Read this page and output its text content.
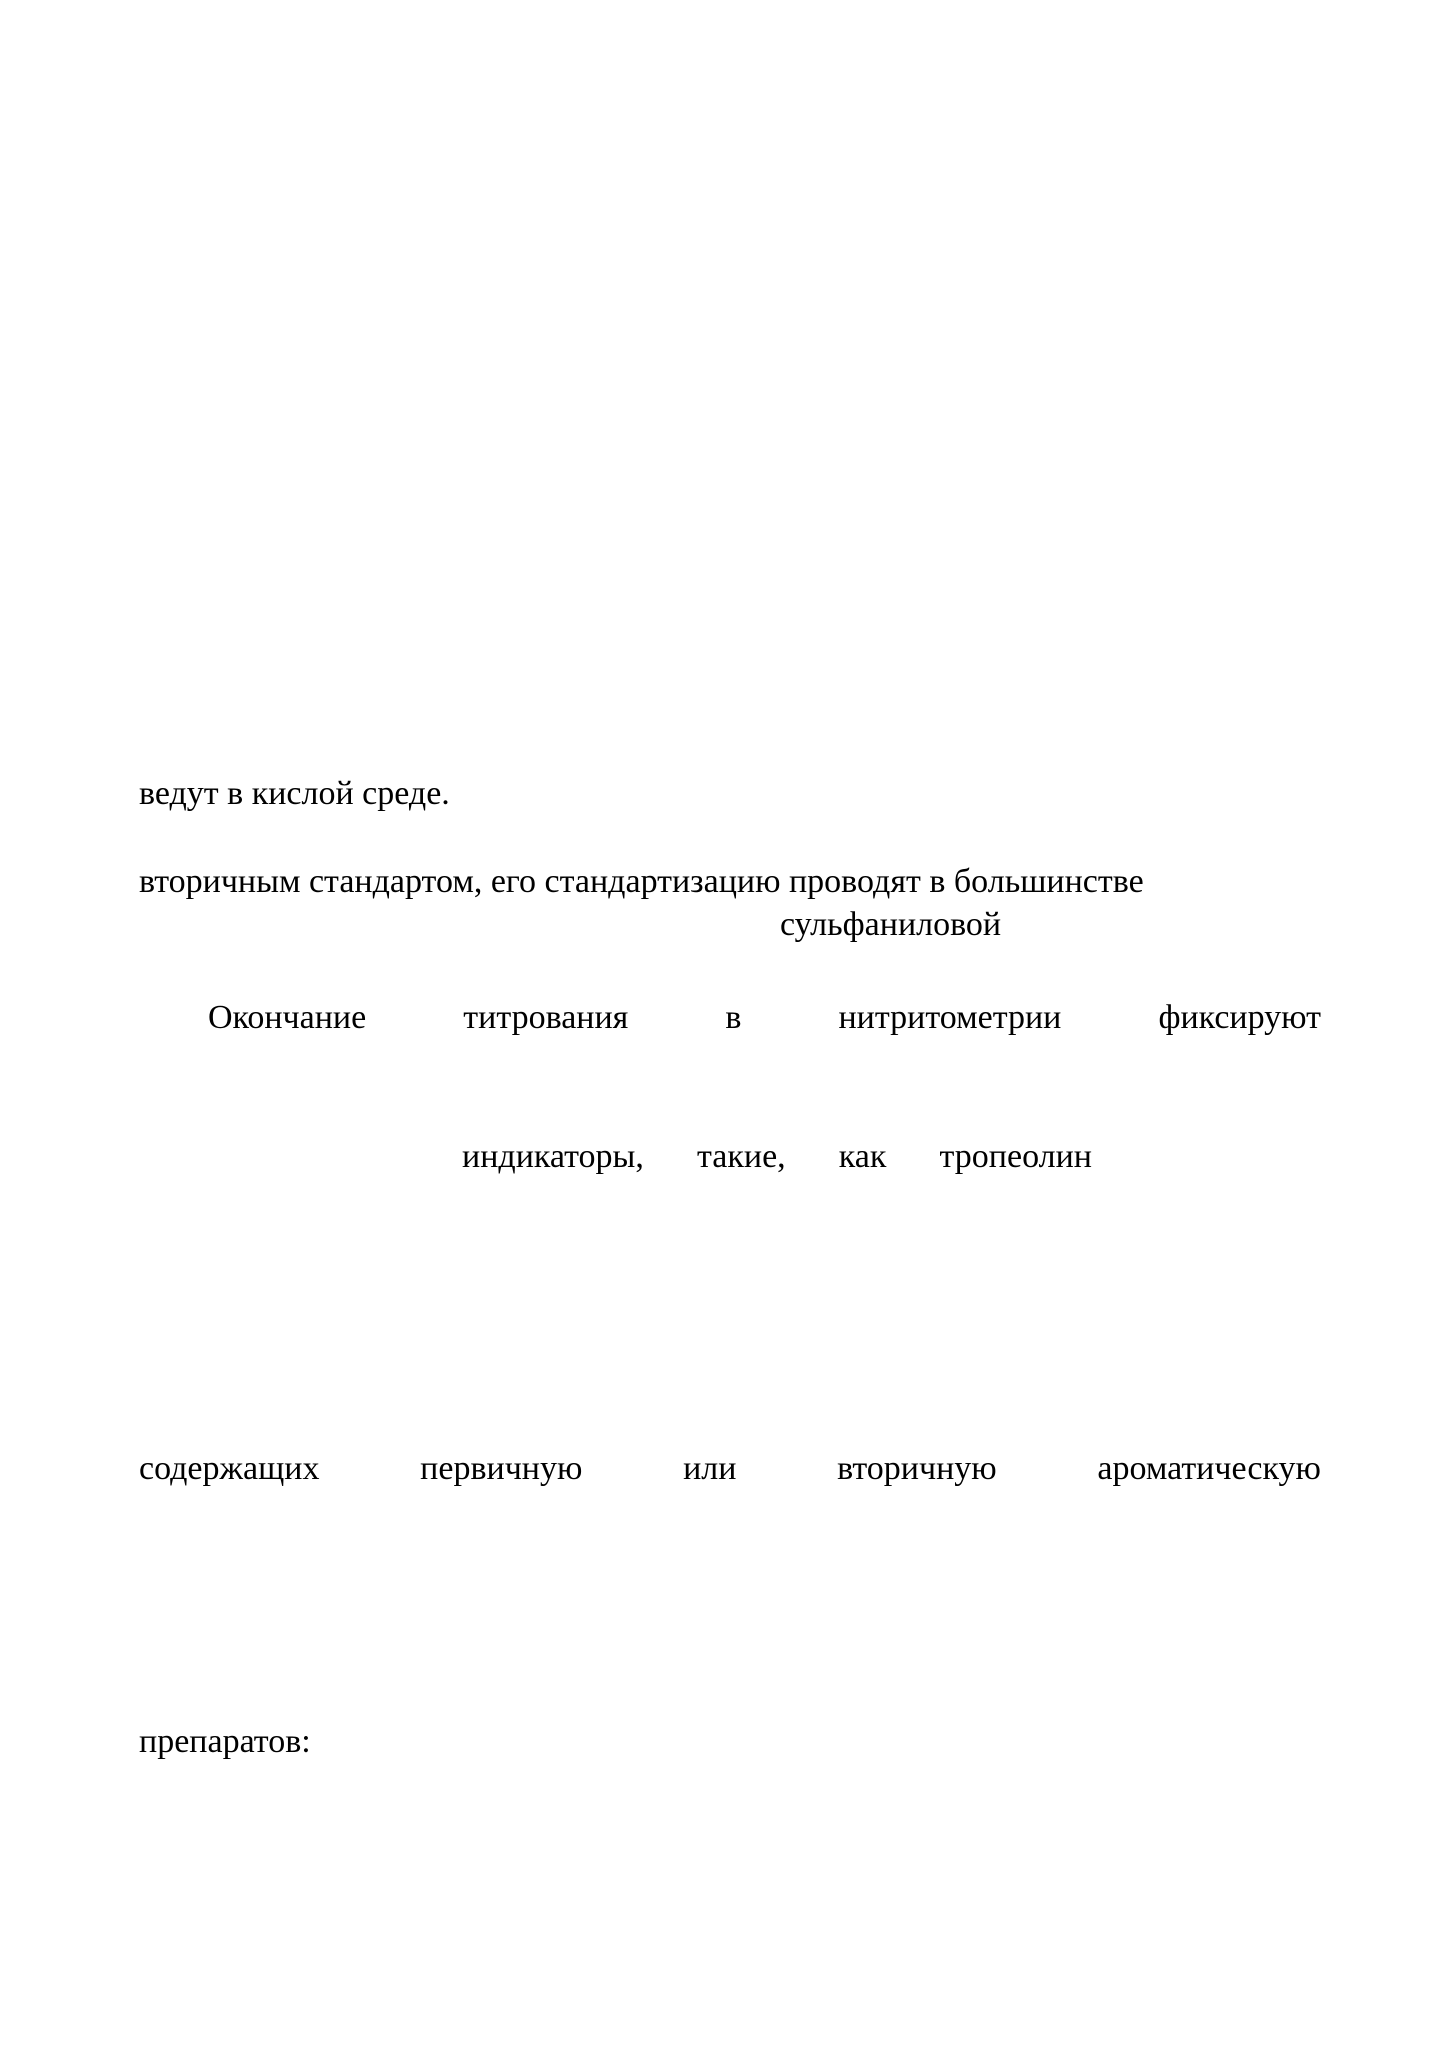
ведут в кислой среде.

вторичным стандартом, его стандартизацию проводят в большинстве

сульфаниловой

Окончание	титрования	в	нитритометрии	фиксируют

индикаторы, такие, как тропеолин

содержащих	первичную	или	вторичную	ароматическую

препаратов:
